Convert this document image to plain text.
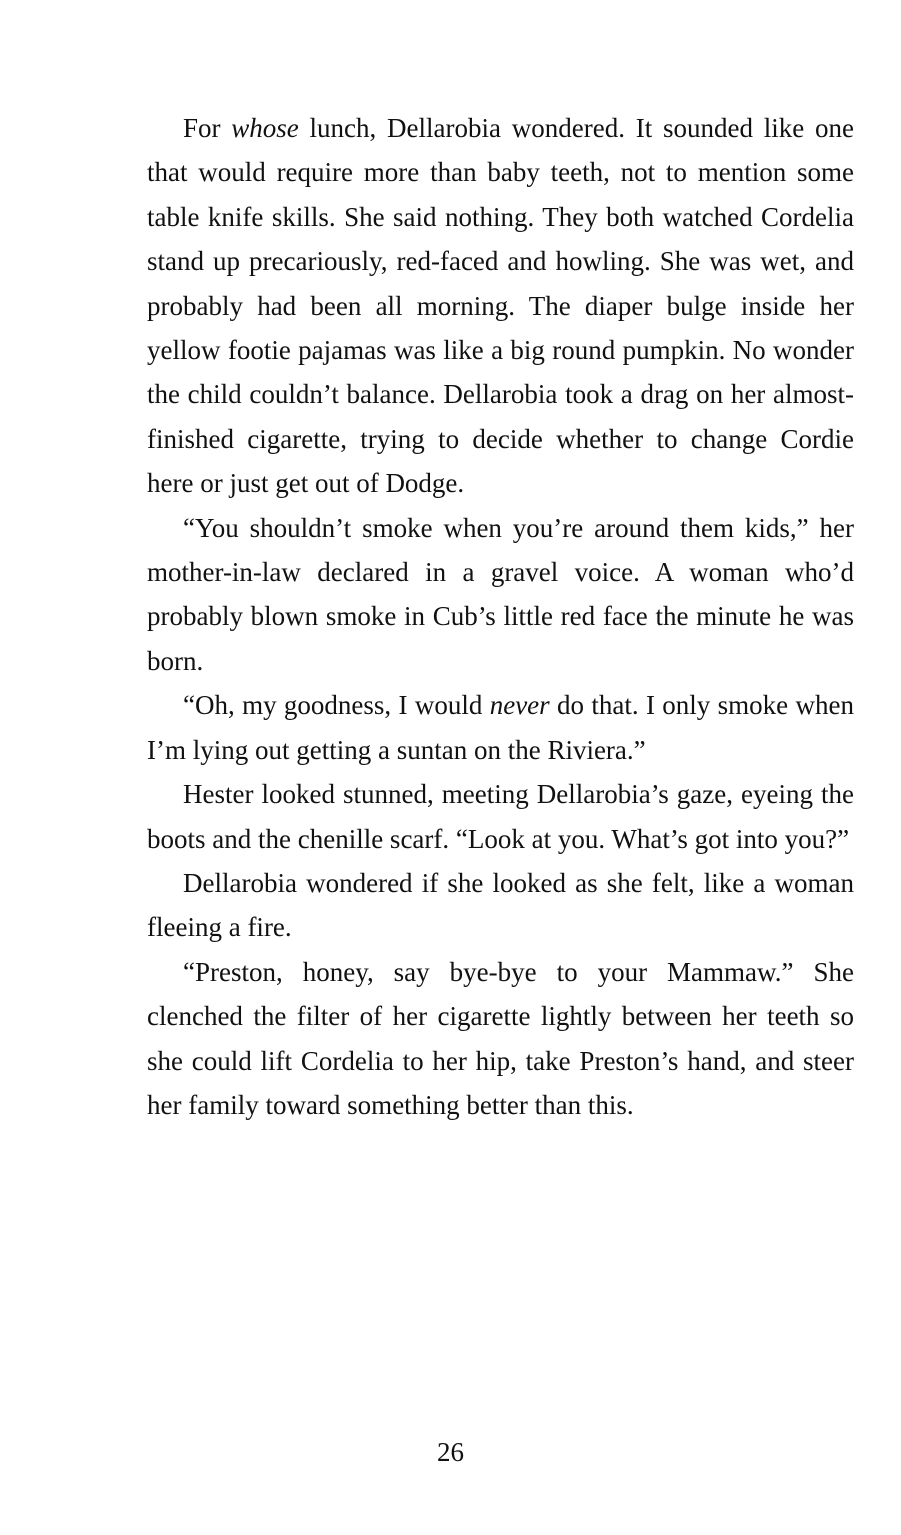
For whose lunch, Dellarobia wondered. It sounded like one that would require more than baby teeth, not to mention some table knife skills. She said nothing. They both watched Cordelia stand up precariously, red-faced and howling. She was wet, and probably had been all morning. The diaper bulge inside her yellow footie pajamas was like a big round pumpkin. No wonder the child couldn’t balance. Dellarobia took a drag on her almost-finished cigarette, trying to decide whether to change Cordie here or just get out of Dodge.

“You shouldn’t smoke when you’re around them kids,” her mother-in-law declared in a gravel voice. A woman who’d probably blown smoke in Cub’s little red face the minute he was born.

“Oh, my goodness, I would never do that. I only smoke when I’m lying out getting a suntan on the Riviera.”

Hester looked stunned, meeting Dellarobia’s gaze, eyeing the boots and the chenille scarf. “Look at you. What’s got into you?”

Dellarobia wondered if she looked as she felt, like a woman fleeing a fire.

“Preston, honey, say bye-bye to your Mammaw.” She clenched the filter of her cigarette lightly between her teeth so she could lift Cordelia to her hip, take Preston’s hand, and steer her family toward something better than this.

26
